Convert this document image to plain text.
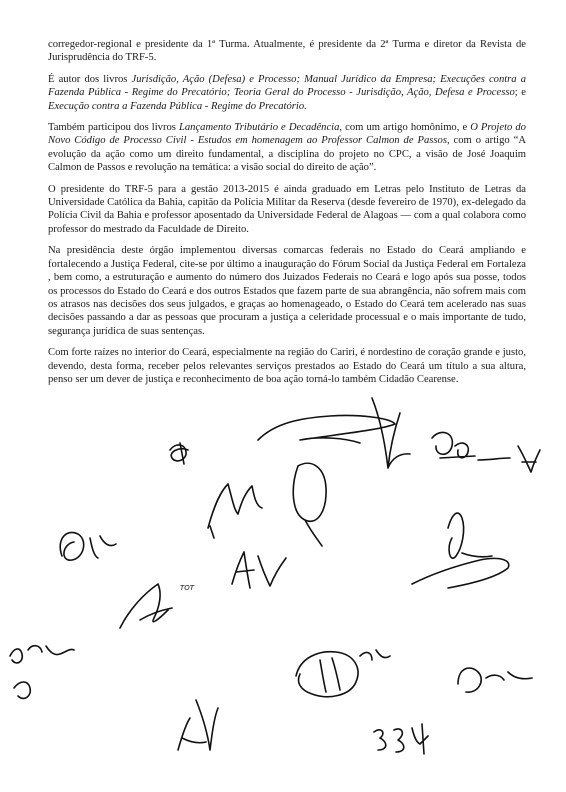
corregedor-regional e presidente da 1ª Turma. Atualmente, é presidente da 2ª Turma e diretor da Revista de Jurisprudência do TRF-5.

É autor dos livros Jurisdição, Ação (Defesa) e Processo; Manual Jurídico da Empresa; Execuções contra a Fazenda Pública - Regime do Precatório; Teoria Geral do Processo - Jurisdição, Ação, Defesa e Processo; e Execução contra a Fazenda Pública - Regime do Precatório.

Também participou dos livros Lançamento Tributário e Decadência, com um artigo homônimo, e O Projeto do Novo Código de Processo Civil - Estudos em homenagem ao Professor Calmon de Passos, com o artigo “A evolução da ação como um direito fundamental, a disciplina do projeto no CPC, a visão de José Joaquim Calmon de Passos e revolução na temática: a visão social do direito de ação”.

O presidente do TRF-5 para a gestão 2013-2015 é ainda graduado em Letras pelo Instituto de Letras da Universidade Católica da Bahia, capitão da Polícia Militar da Reserva (desde fevereiro de 1970), ex-delegado da Polícia Civil da Bahia e professor aposentado da Universidade Federal de Alagoas — com a qual colabora como professor do mestrado da Faculdade de Direito.

Na presidência deste órgão implementou diversas comarcas federais no Estado do Ceará ampliando e fortalecendo a Justiça Federal, cite-se por último a inauguração do Fórum Social da Justiça Federal em Fortaleza , bem como, a estruturação e aumento do número dos Juizados Federais no Ceará e logo após sua posse, todos os processos do Estado do Ceará e dos outros Estados que fazem parte de sua abrangência, não sofrem mais com os atrasos nas decisões dos seus julgados, e graças ao homenageado, o Estado do Ceará tem acelerado nas suas decisões passando a dar as pessoas que procuram a justiça a celeridade processual e o mais importante de tudo, segurança jurídica de suas sentenças.

Com forte raízes no interior do Ceará, especialmente na região do Cariri, é nordestino de coração grande e justo, devendo, desta forma, receber pelos relevantes serviços prestados ao Estado do Ceará um título a sua altura, penso ser um dever de justiça e reconhecimento de boa ação torná-lo também Cidadão Cearense.

TOT
